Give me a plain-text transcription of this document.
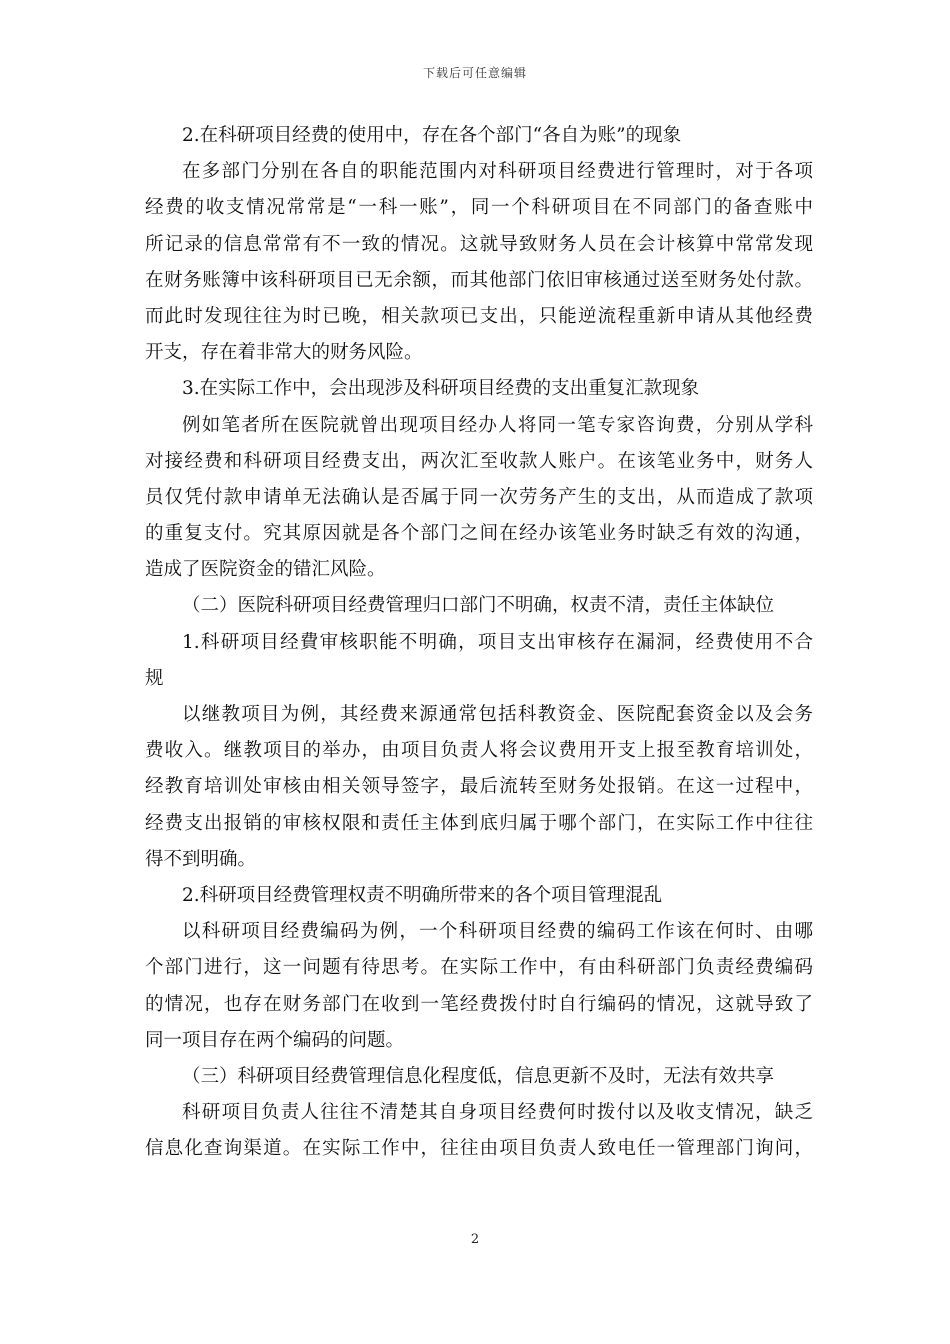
下载后可任意编辑
2.在科研项目经费的使用中，存在各个部门“各自为账”的现象
在多部门分别在各自的职能范围内对科研项目经费进行管理时，对于各项
经费的收支情况常常是“一科一账”，同一个科研项目在不同部门的备查账中
所记录的信息常常有不一致的情况。这就导致财务人员在会计核算中常常发现
在财务账簿中该科研项目已无余额，而其他部门依旧审核通过送至财务处付款。
而此时发现往往为时已晚，相关款项已支出，只能逆流程重新申请从其他经费
开支，存在着非常大的财务风险。
3.在实际工作中，会出现涉及科研项目经费的支出重复汇款现象
例如笔者所在医院就曾出现项目经办人将同一笔专家咨询费，分别从学科
对接经费和科研项目经费支出，两次汇至收款人账户。在该笔业务中，财务人
员仅凭付款申请单无法确认是否属于同一次劳务产生的支出，从而造成了款项
的重复支付。究其原因就是各个部门之间在经办该笔业务时缺乏有效的沟通，
造成了医院资金的错汇风险。
（二）医院科研项目经费管理归口部门不明确，权责不清，责任主体缺位
1.科研项目经費审核职能不明确，项目支出审核存在漏洞，经费使用不合
规
以继教项目为例，其经费来源通常包括科教资金、医院配套资金以及会务
费收入。继教项目的举办，由项目负责人将会议费用开支上报至教育培训处，
经教育培训处审核由相关领导签字，最后流转至财务处报销。在这一过程中，
经费支出报销的审核权限和责任主体到底归属于哪个部门，在实际工作中往往
得不到明确。
2.科研项目经费管理权责不明确所带来的各个项目管理混乱
以科研项目经费编码为例，一个科研项目经费的编码工作该在何时、由哪
个部门进行，这一问题有待思考。在实际工作中，有由科研部门负责经费编码
的情况，也存在财务部门在收到一笔经费拨付时自行编码的情况，这就导致了
同一项目存在两个编码的问题。
（三）科研项目经费管理信息化程度低，信息更新不及时，无法有效共享
科研项目负责人往往不清楚其自身项目经费何时拨付以及收支情况，缺乏
信息化查询渠道。在实际工作中，往往由项目负责人致电任一管理部门询问，
2
